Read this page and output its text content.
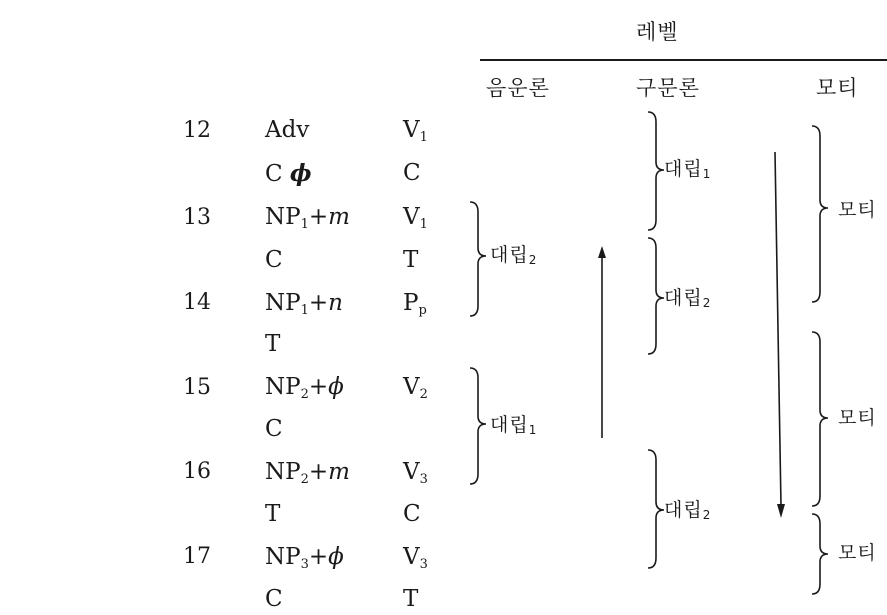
레벨
음운론	구문론	모티
12
13
14
15
16
17
Adv
C ϕ
$NP_1+m$
C
$NP_1+n$
T
$NP_2+\phi$
C
$NP_2+m$
T
$NP_3+\phi$
C
$V_1$
C
$V_1$
T
$P_p$
$V_2$
$V_3$
C
$V_3$
T
대립$_2$
대립$_1$
대립$_1$
대립$_2$
대립$_2$
모티
모티
모티
